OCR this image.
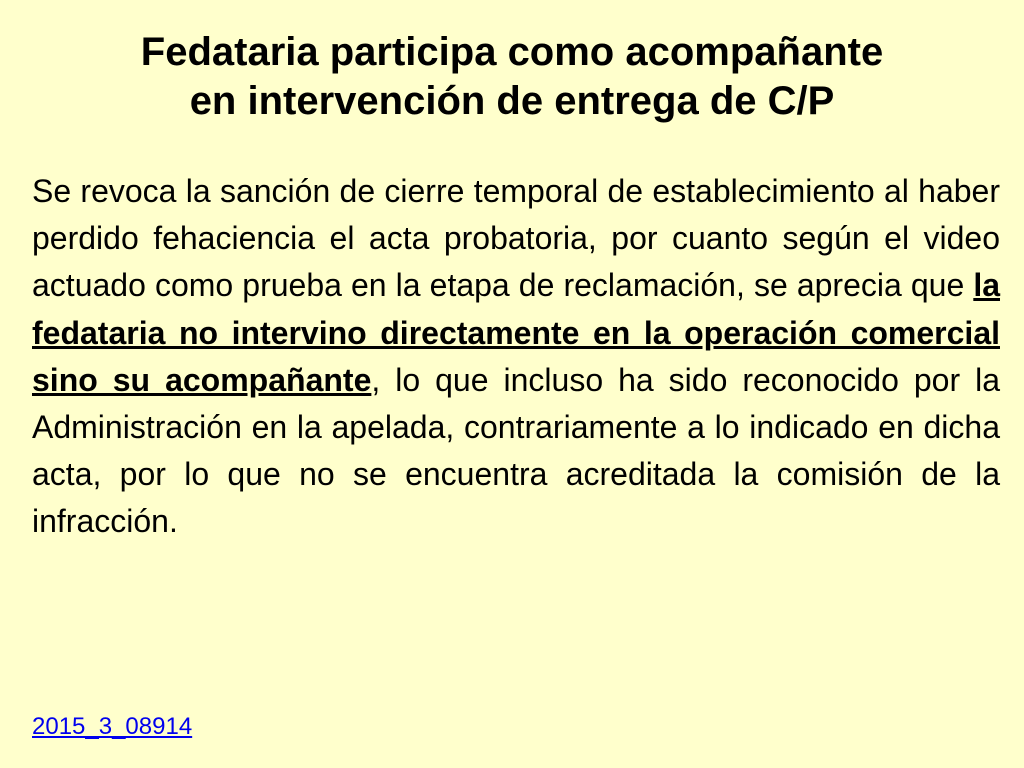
Fedataria participa como acompañante
en intervención de entrega de C/P

Se revoca la sanción de cierre temporal de establecimiento al haber perdido fehaciencia el acta probatoria, por cuanto según el video actuado como prueba en la etapa de reclamación, se aprecia que la fedataria no intervino directamente en la operación comercial sino su acompañante, lo que incluso ha sido reconocido por la Administración en la apelada, contrariamente a lo indicado en dicha acta, por lo que no se encuentra acreditada la comisión de la infracción.

2015_3_08914
